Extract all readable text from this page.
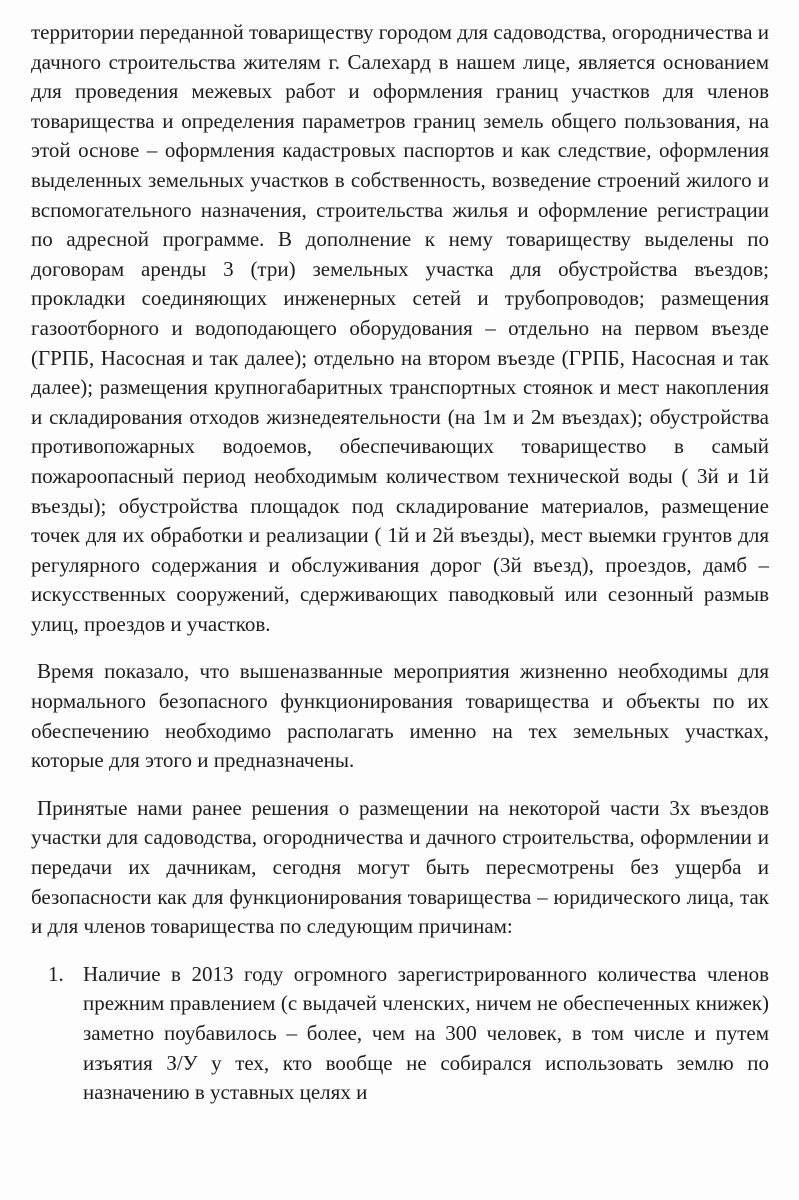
территории переданной товариществу городом для садоводства, огородничества и дачного строительства жителям г. Салехард в нашем лице, является основанием для проведения межевых работ и оформления границ участков для членов товарищества и определения параметров границ земель общего пользования, на этой основе – оформления кадастровых паспортов и как следствие, оформления выделенных земельных участков в собственность, возведение строений жилого и вспомогательного назначения, строительства жилья и оформление регистрации по адресной программе. В дополнение к нему товариществу выделены по договорам аренды 3 (три) земельных участка для обустройства въездов; прокладки соединяющих инженерных сетей и трубопроводов; размещения газоотборного и водоподающего оборудования – отдельно на первом въезде (ГРПБ, Насосная и так далее); отдельно на втором въезде (ГРПБ, Насосная и так далее); размещения крупногабаритных транспортных стоянок и мест накопления и складирования отходов жизнедеятельности (на 1м и 2м въездах); обустройства противопожарных водоемов, обеспечивающих товарищество в самый пожароопасный период необходимым количеством технической воды ( 3й и 1й въезды); обустройства площадок под складирование материалов, размещение точек для их обработки и реализации ( 1й и 2й въезды), мест выемки грунтов для регулярного содержания и обслуживания дорог (3й въезд), проездов, дамб – искусственных сооружений, сдерживающих паводковый или сезонный размыв улиц, проездов и участков.

Время показало, что вышеназванные мероприятия жизненно необходимы для нормального безопасного функционирования товарищества и объекты по их обеспечению необходимо располагать именно на тех земельных участках, которые для этого и предназначены.

Принятые нами ранее решения о размещении на некоторой части 3х въездов участки для садоводства, огородничества и дачного строительства, оформлении и передачи их дачникам, сегодня могут быть пересмотрены без ущерба и безопасности как для функционирования товарищества – юридического лица, так и для членов товарищества по следующим причинам:

1. Наличие в 2013 году огромного зарегистрированного количества членов прежним правлением (с выдачей членских, ничем не обеспеченных книжек) заметно поубавилось – более, чем на 300 человек, в том числе и путем изъятия З/У у тех, кто вообще не собирался использовать землю по назначению в уставных целях и
